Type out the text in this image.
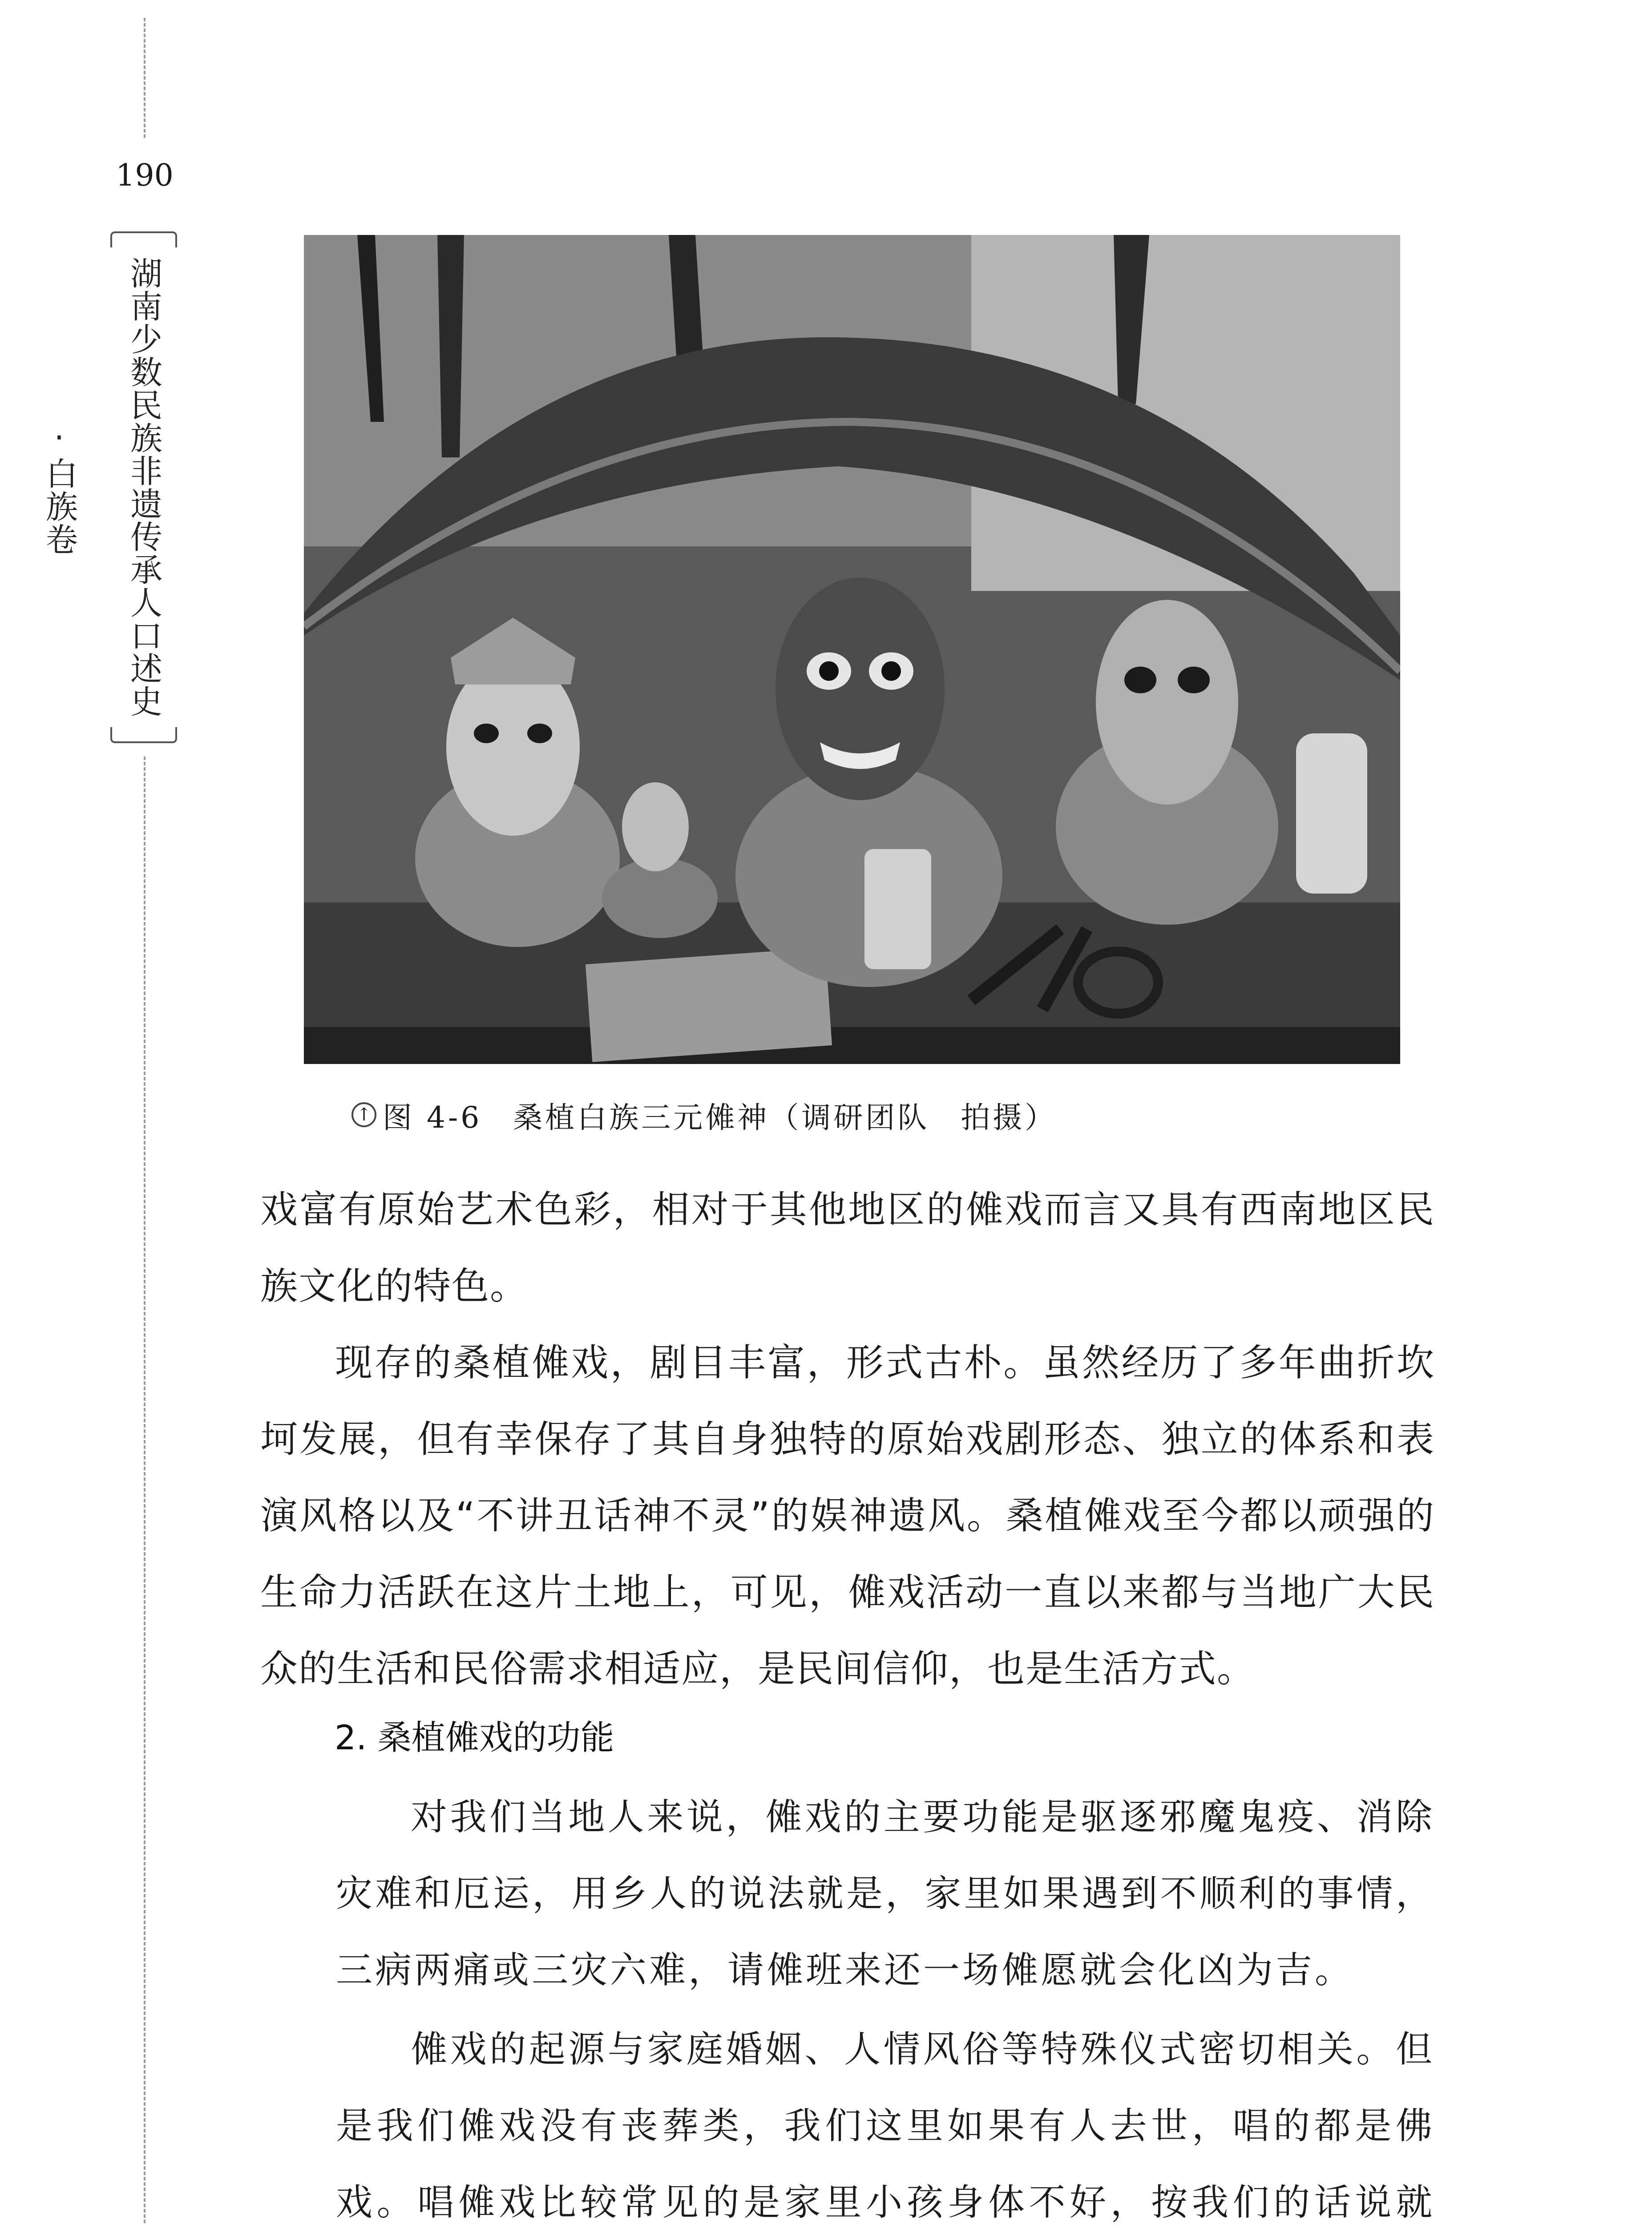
190
湖南少数民族非遗传承人口述史·白族卷
↑ 图 4-6 桑植白族三元傩神（调研团队 拍摄）

戏富有原始艺术色彩，相对于其他地区的傩戏而言又具有西南地区民族文化的特色。

现存的桑植傩戏，剧目丰富，形式古朴。虽然经历了多年曲折坎坷发展，但有幸保存了其自身独特的原始戏剧形态、独立的体系和表演风格以及“不讲丑话神不灵”的娱神遗风。桑植傩戏至今都以顽强的生命力活跃在这片土地上，可见，傩戏活动一直以来都与当地广大民众的生活和民俗需求相适应，是民间信仰，也是生活方式。

2. 桑植傩戏的功能

对我们当地人来说，傩戏的主要功能是驱逐邪魔鬼疫、消除灾难和厄运，用乡人的说法就是，家里如果遇到不顺利的事情，三病两痛或三灾六难，请傩班来还一场傩愿就会化凶为吉。

傩戏的起源与家庭婚姻、人情风俗等特殊仪式密切相关。但是我们傩戏没有丧葬类，我们这里如果有人去世，唱的都是佛戏。唱傩戏比较常见的是家里小孩身体不好，按我们的话说就
